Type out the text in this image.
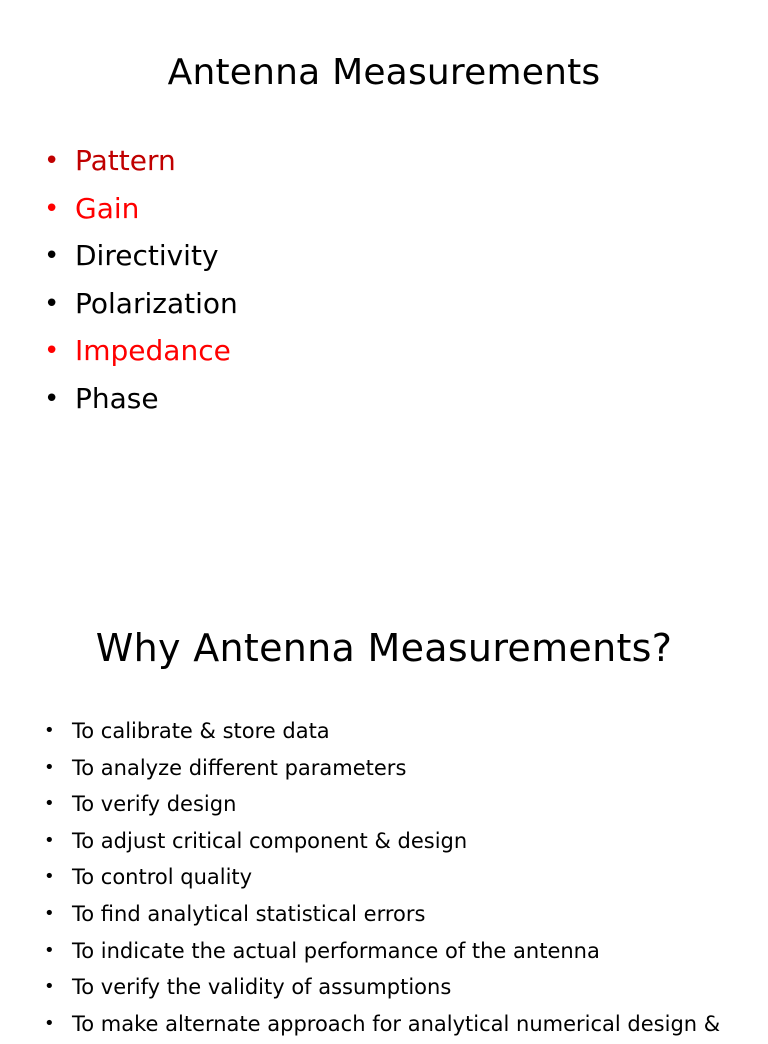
Antenna Measurements
• Pattern
• Gain
• Directivity
• Polarization
• Impedance
• Phase
Why Antenna Measurements?
• To calibrate & store data
• To analyze different parameters
• To verify design
• To adjust critical component & design
• To control quality
• To find analytical statistical errors
• To indicate the actual performance of the antenna
• To verify the validity of assumptions
• To make alternate approach for analytical numerical design &
